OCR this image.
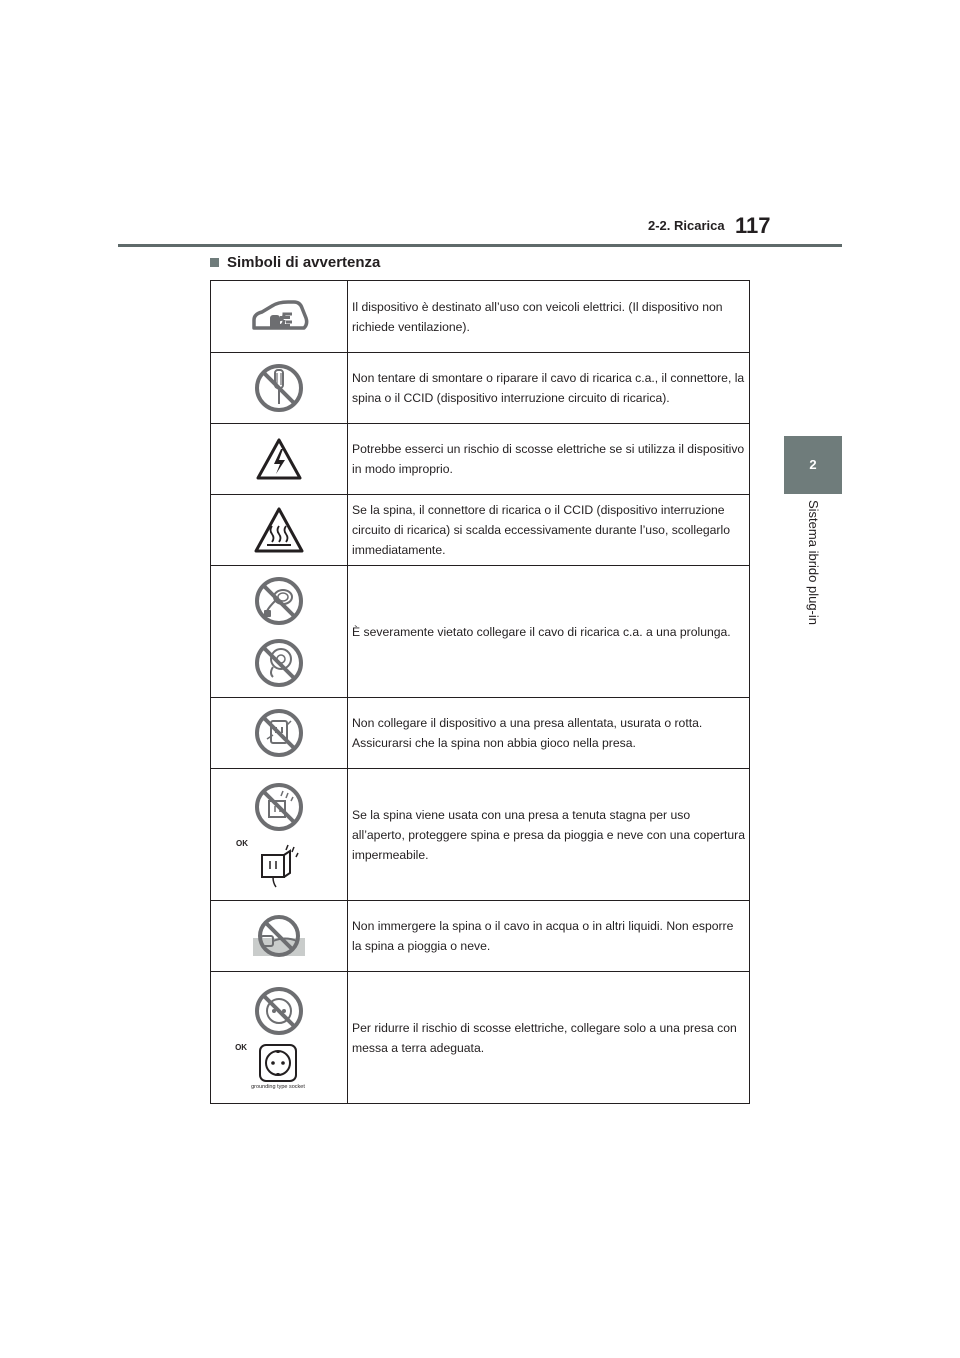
2-2. Ricarica 117
2
Sistema ibrido plug-in
Simboli di avvertenza
	Il dispositivo è destinato all’uso con veicoli elettrici. (Il dispositivo non richiede ventilazione).

	Non tentare di smontare o riparare il cavo di ricarica c.a., il connettore, la spina o il CCID (dispositivo interruzione circuito di ricarica).

	Potrebbe esserci un rischio di scosse elettriche se si utilizza il dispositivo in modo improprio.

	Se la spina, il connettore di ricarica o il CCID (dispositivo interruzione circuito di ricarica) si scalda eccessivamente durante l’uso, scollegarlo immediatamente.

	È severamente vietato collegare il cavo di ricarica c.a. a una prolunga.

	Non collegare il dispositivo a una presa allentata, usurata o rotta. Assicurarsi che la spina non abbia gioco nella presa.

OK	Se la spina viene usata con una presa a tenuta stagna per uso all’aperto, proteggere spina e presa da pioggia e neve con una copertura impermeabile.

	Non immergere la spina o il cavo in acqua o in altri liquidi. Non esporre la spina a pioggia o neve.

OK
grounding type socket	Per ridurre il rischio di scosse elettriche, collegare solo a una presa con messa a terra adeguata.
